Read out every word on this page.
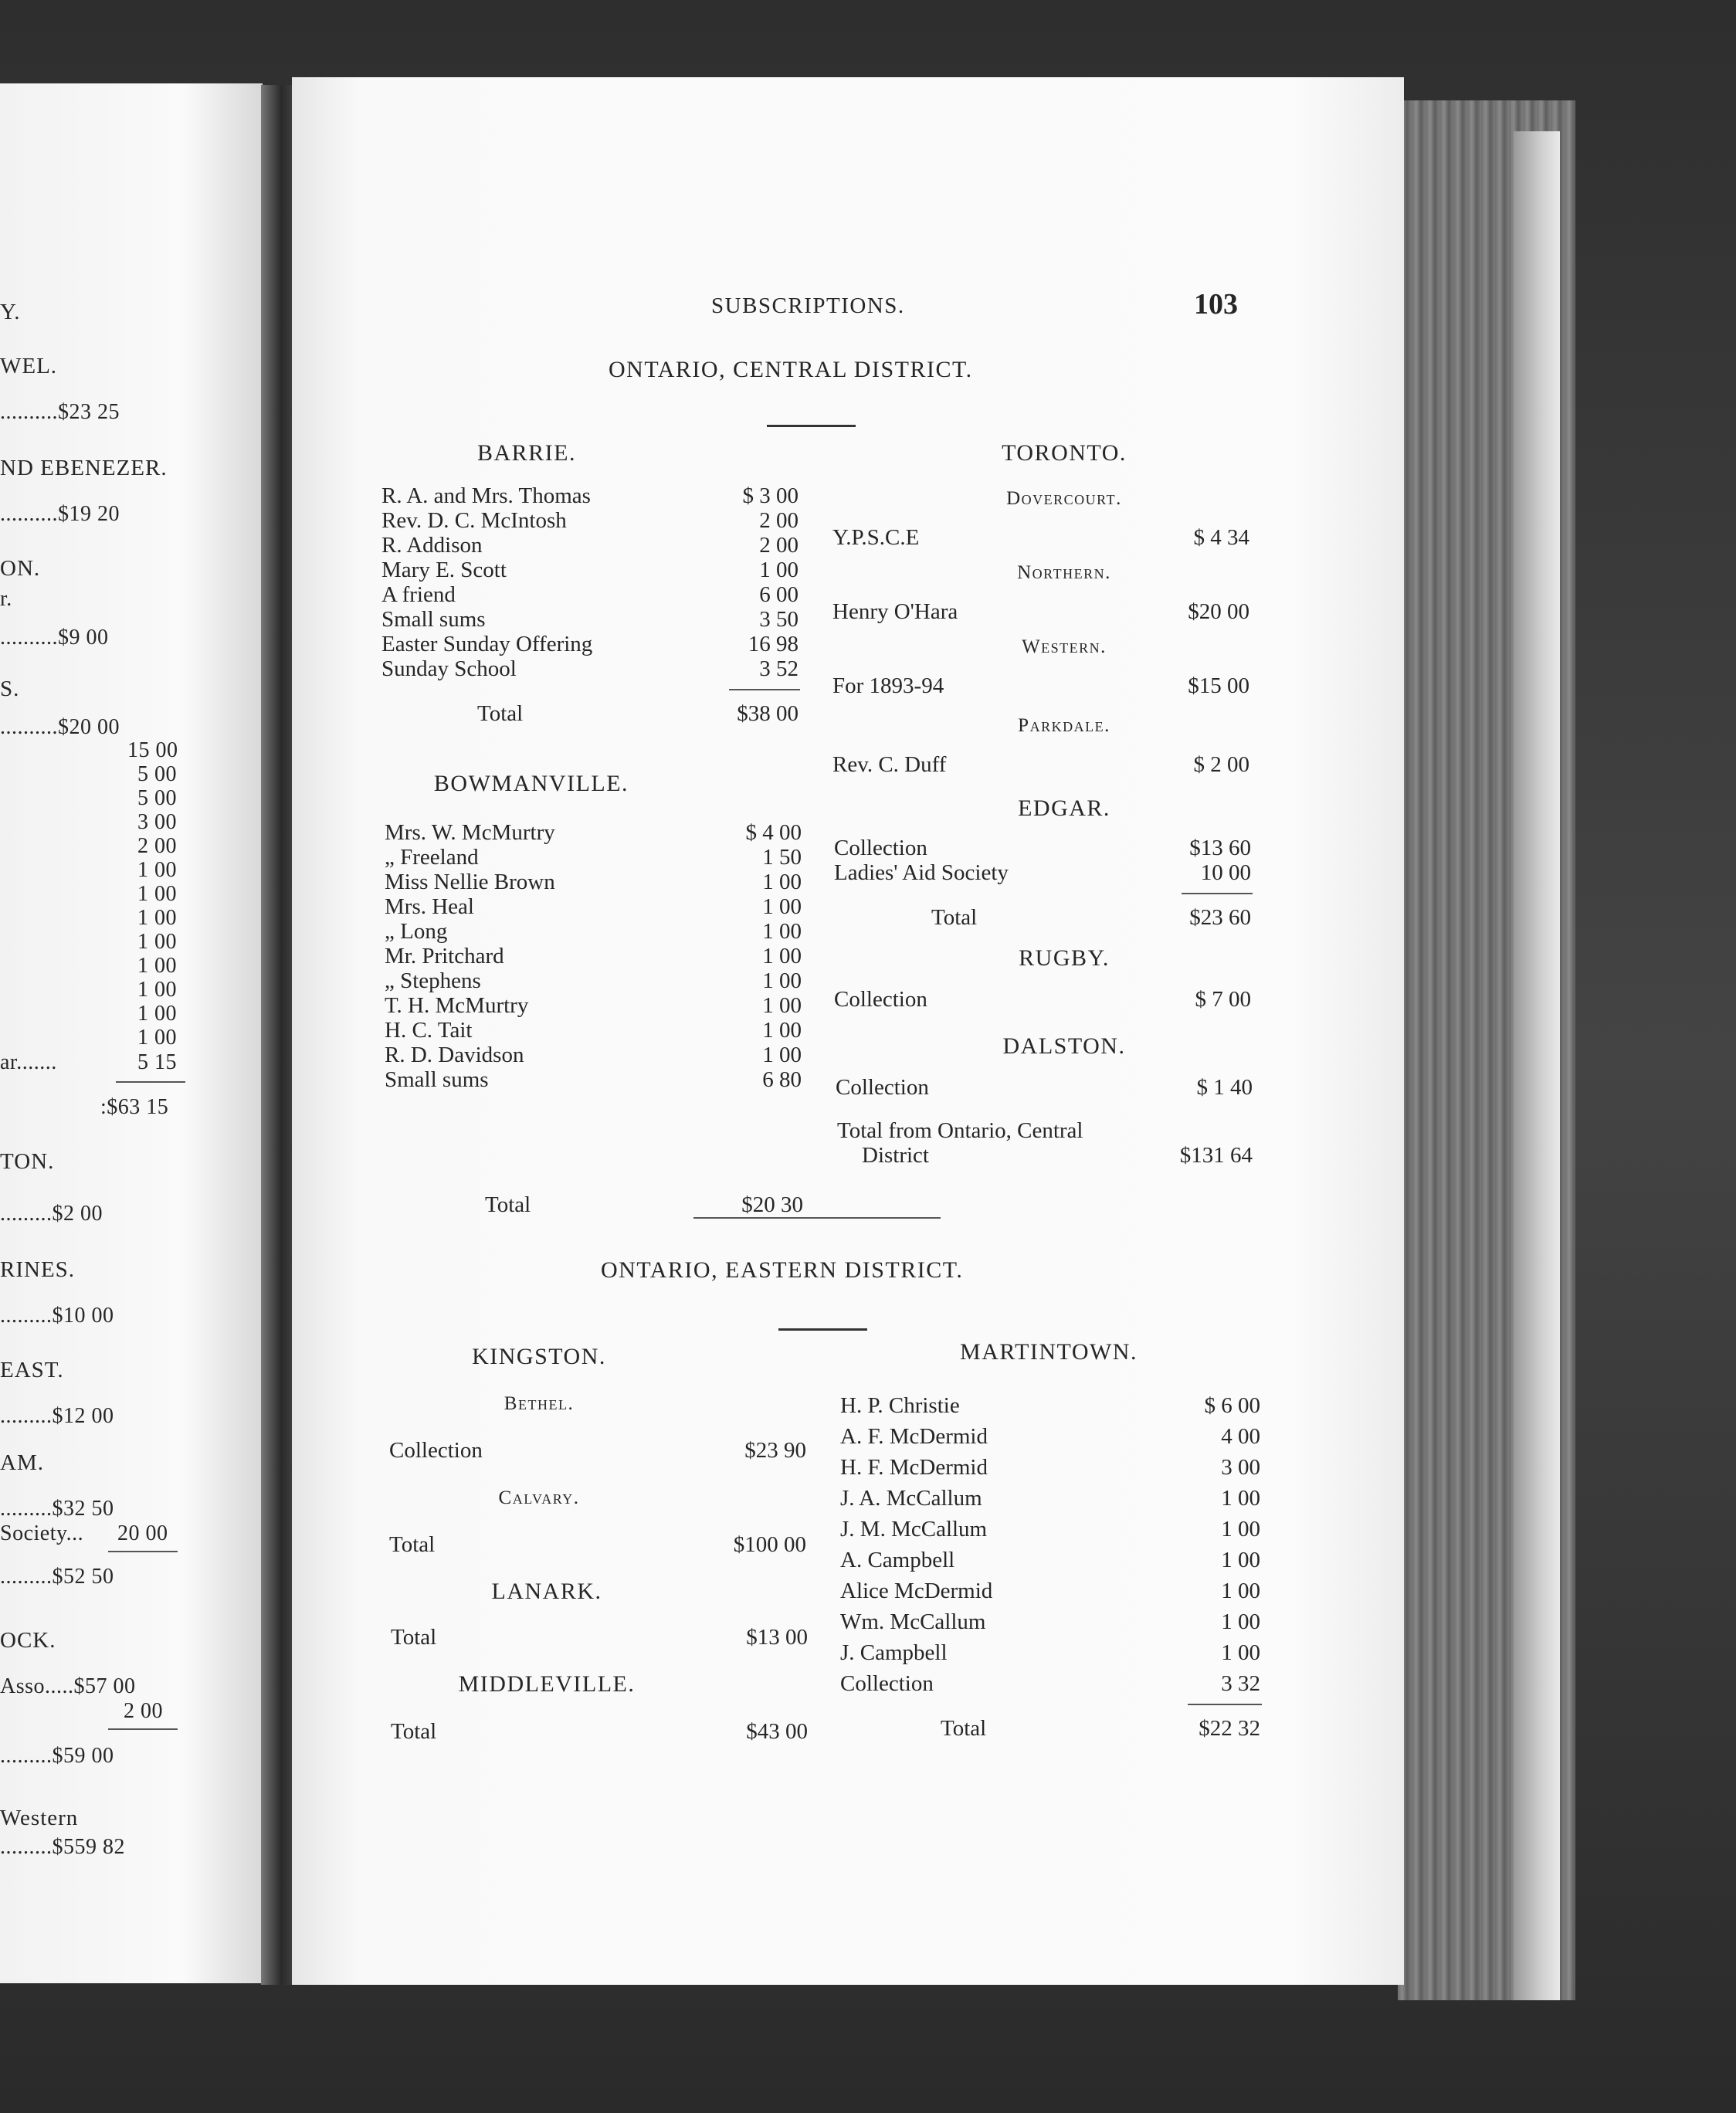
Y.
WEL.
..........$23 25
ND EBENEZER.
..........$19 20
ON.
r.
..........$9 00
S.
..........$20 00
15 00
5 00
5 00
3 00
2 00
1 00
1 00
1 00
1 00
1 00
1 00
1 00
1 00
ar.......	5 15
:$63 15
TON.
.........$2 00
RINES.
.........$10 00
EAST.
.........$12 00
AM.
.........$32 50
Society... 20 00
.........$52 50
OCK.
Asso.....$57 00
2 00
.........$59 00
Western
.........$559 82
SUBSCRIPTIONS.	103
ONTARIO, CENTRAL DISTRICT.
BARRIE.
R. A. and Mrs. Thomas	$ 3 00
Rev. D. C. McIntosh	2 00
R. Addison	2 00
Mary E. Scott	1 00
A friend	6 00
Small sums	3 50
Easter Sunday Offering	16 98
Sunday School	3 52
Total	$38 00
BOWMANVILLE.
Mrs. W. McMurtry	$ 4 00
„ Freeland	1 50
Miss Nellie Brown	1 00
Mrs. Heal	1 00
„ Long	1 00
Mr. Pritchard	1 00
„ Stephens	1 00
T. H. McMurtry	1 00
H. C. Tait	1 00
R. D. Davidson	1 00
Small sums	6 80
Total	$20 30
TORONTO.
Dovercourt.
Y.P.S.C.E	$ 4 34
Northern.
Henry O'Hara	$20 00
Western.
For 1893-94	$15 00
Parkdale.
Rev. C. Duff	$ 2 00
EDGAR.
Collection	$13 60
Ladies' Aid Society	10 00
Total	$23 60
RUGBY.
Collection	$ 7 00
DALSTON.
Collection	$ 1 40
Total from Ontario, Central
District	$131 64
ONTARIO, EASTERN DISTRICT.
KINGSTON.
Bethel.
Collection	$23 90
Calvary.
Total	$100 00
LANARK.
Total	$13 00
MIDDLEVILLE.
Total	$43 00
MARTINTOWN.
H. P. Christie	$ 6 00
A. F. McDermid	4 00
H. F. McDermid	3 00
J. A. McCallum	1 00
J. M. McCallum	1 00
A. Campbell	1 00
Alice McDermid	1 00
Wm. McCallum	1 00
J. Campbell	1 00
Collection	3 32
Total	$22 32
